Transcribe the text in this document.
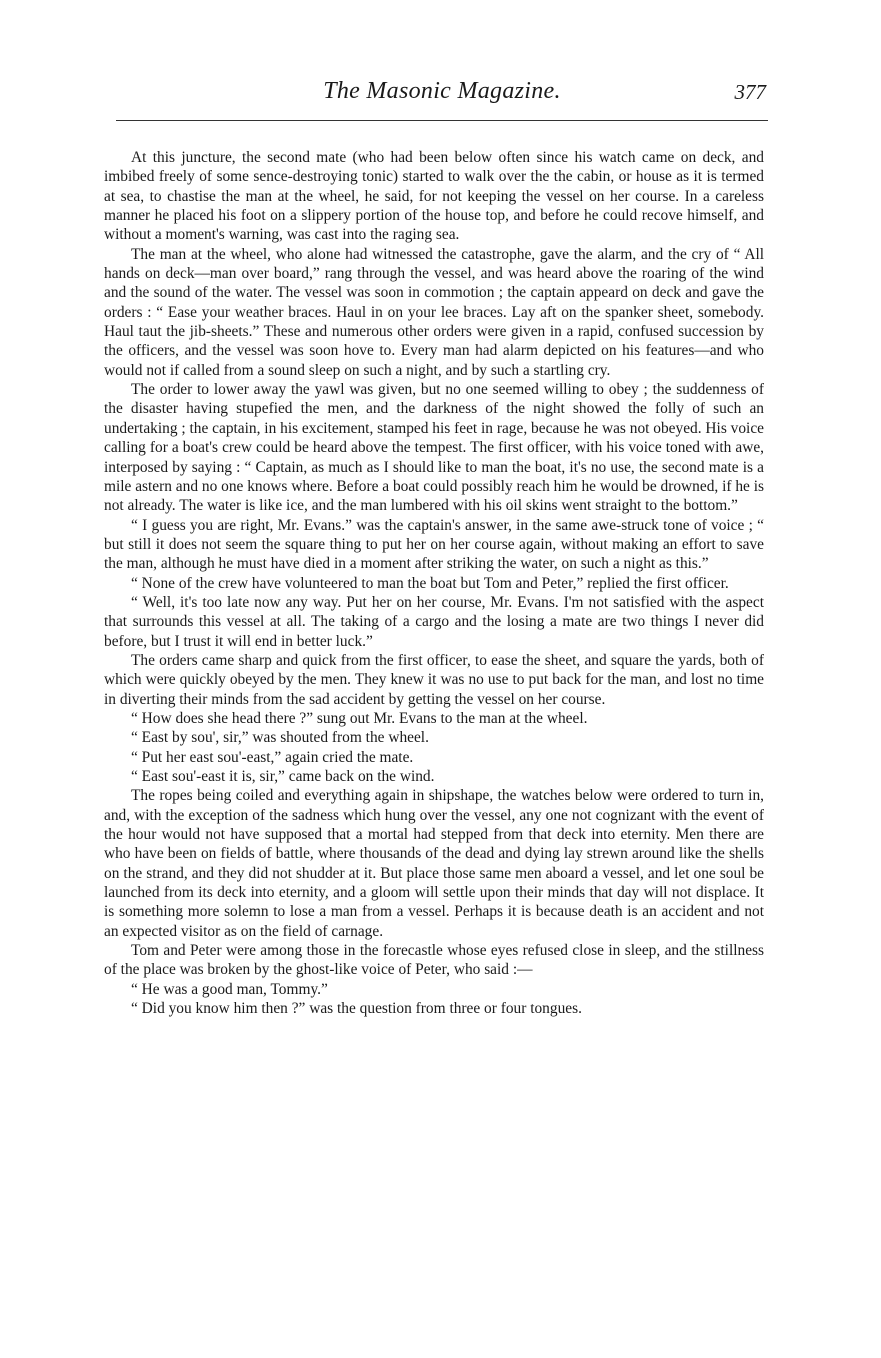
The Masonic Magazine.	377

At this juncture, the second mate (who had been below often since his watch came on deck, and imbibed freely of some sence-destroying tonic) started to walk over the the cabin, or house as it is termed at sea, to chastise the man at the wheel, he said, for not keeping the vessel on her course. In a careless manner he placed his foot on a slippery portion of the house top, and before he could recove himself, and without a moment's warning, was cast into the raging sea.

The man at the wheel, who alone had witnessed the catastrophe, gave the alarm, and the cry of “ All hands on deck—man over board,” rang through the vessel, and was heard above the roaring of the wind and the sound of the water. The vessel was soon in commotion ; the captain appeard on deck and gave the orders : “ Ease your weather braces. Haul in on your lee braces. Lay aft on the spanker sheet, somebody. Haul taut the jib-sheets.” These and numerous other orders were given in a rapid, confused succession by the officers, and the vessel was soon hove to. Every man had alarm depicted on his features—and who would not if called from a sound sleep on such a night, and by such a startling cry.

The order to lower away the yawl was given, but no one seemed willing to obey ; the suddenness of the disaster having stupefied the men, and the darkness of the night showed the folly of such an undertaking ; the captain, in his excitement, stamped his feet in rage, because he was not obeyed. His voice calling for a boat's crew could be heard above the tempest. The first officer, with his voice toned with awe, interposed by saying : “ Captain, as much as I should like to man the boat, it's no use, the second mate is a mile astern and no one knows where. Before a boat could possibly reach him he would be drowned, if he is not already. The water is like ice, and the man lumbered with his oil skins went straight to the bottom.”

“ I guess you are right, Mr. Evans.” was the captain's answer, in the same awe-struck tone of voice ; “ but still it does not seem the square thing to put her on her course again, without making an effort to save the man, although he must have died in a moment after striking the water, on such a night as this.”

“ None of the crew have volunteered to man the boat but Tom and Peter,” replied the first officer.

“ Well, it's too late now any way. Put her on her course, Mr. Evans. I'm not satisfied with the aspect that surrounds this vessel at all. The taking of a cargo and the losing a mate are two things I never did before, but I trust it will end in better luck.”

The orders came sharp and quick from the first officer, to ease the sheet, and square the yards, both of which were quickly obeyed by the men. They knew it was no use to put back for the man, and lost no time in diverting their minds from the sad accident by getting the vessel on her course.

“ How does she head there ?” sung out Mr. Evans to the man at the wheel.

“ East by sou', sir,” was shouted from the wheel.

“ Put her east sou'-east,” again cried the mate.

“ East sou'-east it is, sir,” came back on the wind.

The ropes being coiled and everything again in shipshape, the watches below were ordered to turn in, and, with the exception of the sadness which hung over the vessel, any one not cognizant with the event of the hour would not have supposed that a mortal had stepped from that deck into eternity. Men there are who have been on fields of battle, where thousands of the dead and dying lay strewn around like the shells on the strand, and they did not shudder at it. But place those same men aboard a vessel, and let one soul be launched from its deck into eternity, and a gloom will settle upon their minds that day will not displace. It is something more solemn to lose a man from a vessel. Perhaps it is because death is an accident and not an expected visitor as on the field of carnage.

Tom and Peter were among those in the forecastle whose eyes refused close in sleep, and the stillness of the place was broken by the ghost-like voice of Peter, who said :—

“ He was a good man, Tommy.”

“ Did you know him then ?” was the question from three or four tongues.
